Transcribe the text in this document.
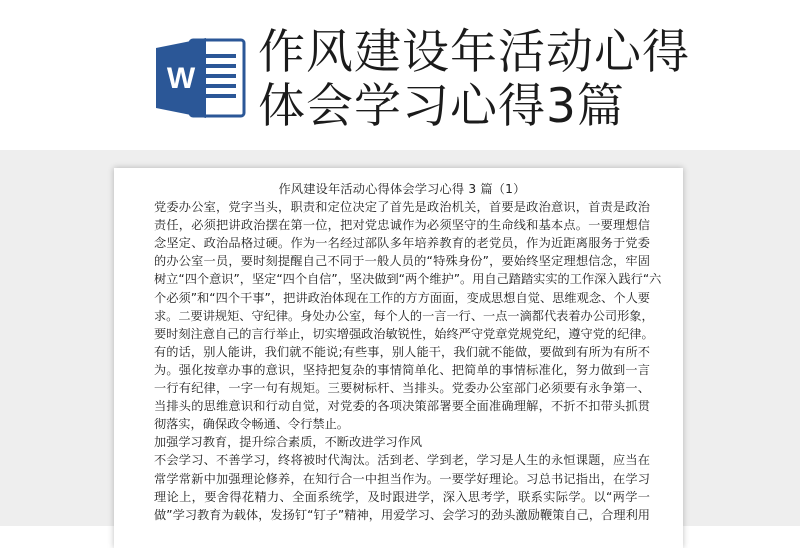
W 作风建设年活动心得
体会学习心得3篇
作风建设年活动心得体会学习心得 3 篇（1）
党委办公室，党字当头，职责和定位决定了首先是政治机关，首要是政治意识，首责是政治
责任，必须把讲政治摆在第一位，把对党忠诚作为必须坚守的生命线和基本点。一要理想信
念坚定、政治品格过硬。作为一名经过部队多年培养教育的老党员，作为近距离服务于党委
的办公室一员，要时刻提醒自己不同于一般人员的“特殊身份”，要始终坚定理想信念，牢固
树立“四个意识”，坚定“四个自信”，坚决做到“两个维护”。用自己踏踏实实的工作深入践行“六
个必须”和“四个干事”，把讲政治体现在工作的方方面面，变成思想自觉、思维观念、个人要
求。二要讲规矩、守纪律。身处办公室，每个人的一言一行、一点一滴都代表着办公司形象，
要时刻注意自己的言行举止，切实增强政治敏锐性，始终严守党章党规党纪，遵守党的纪律。
有的话，别人能讲，我们就不能说;有些事，别人能干，我们就不能做，要做到有所为有所不
为。强化按章办事的意识，坚持把复杂的事情简单化、把简单的事情标准化，努力做到一言
一行有纪律，一字一句有规矩。三要树标杆、当排头。党委办公室部门必须要有永争第一、
当排头的思维意识和行动自觉，对党委的各项决策部署要全面准确理解，不折不扣带头抓贯
彻落实，确保政令畅通、令行禁止。
加强学习教育，提升综合素质，不断改进学习作风
不会学习、不善学习，终将被时代淘汰。活到老、学到老，学习是人生的永恒课题，应当在
常学常新中加强理论修养，在知行合一中担当作为。一要学好理论。习总书记指出，在学习
理论上，要舍得花精力、全面系统学，及时跟进学，深入思考学，联系实际学。以“两学一
做”学习教育为载体，发扬钉“钉子”精神，用爱学习、会学习的劲头激励鞭策自己，合理利用
